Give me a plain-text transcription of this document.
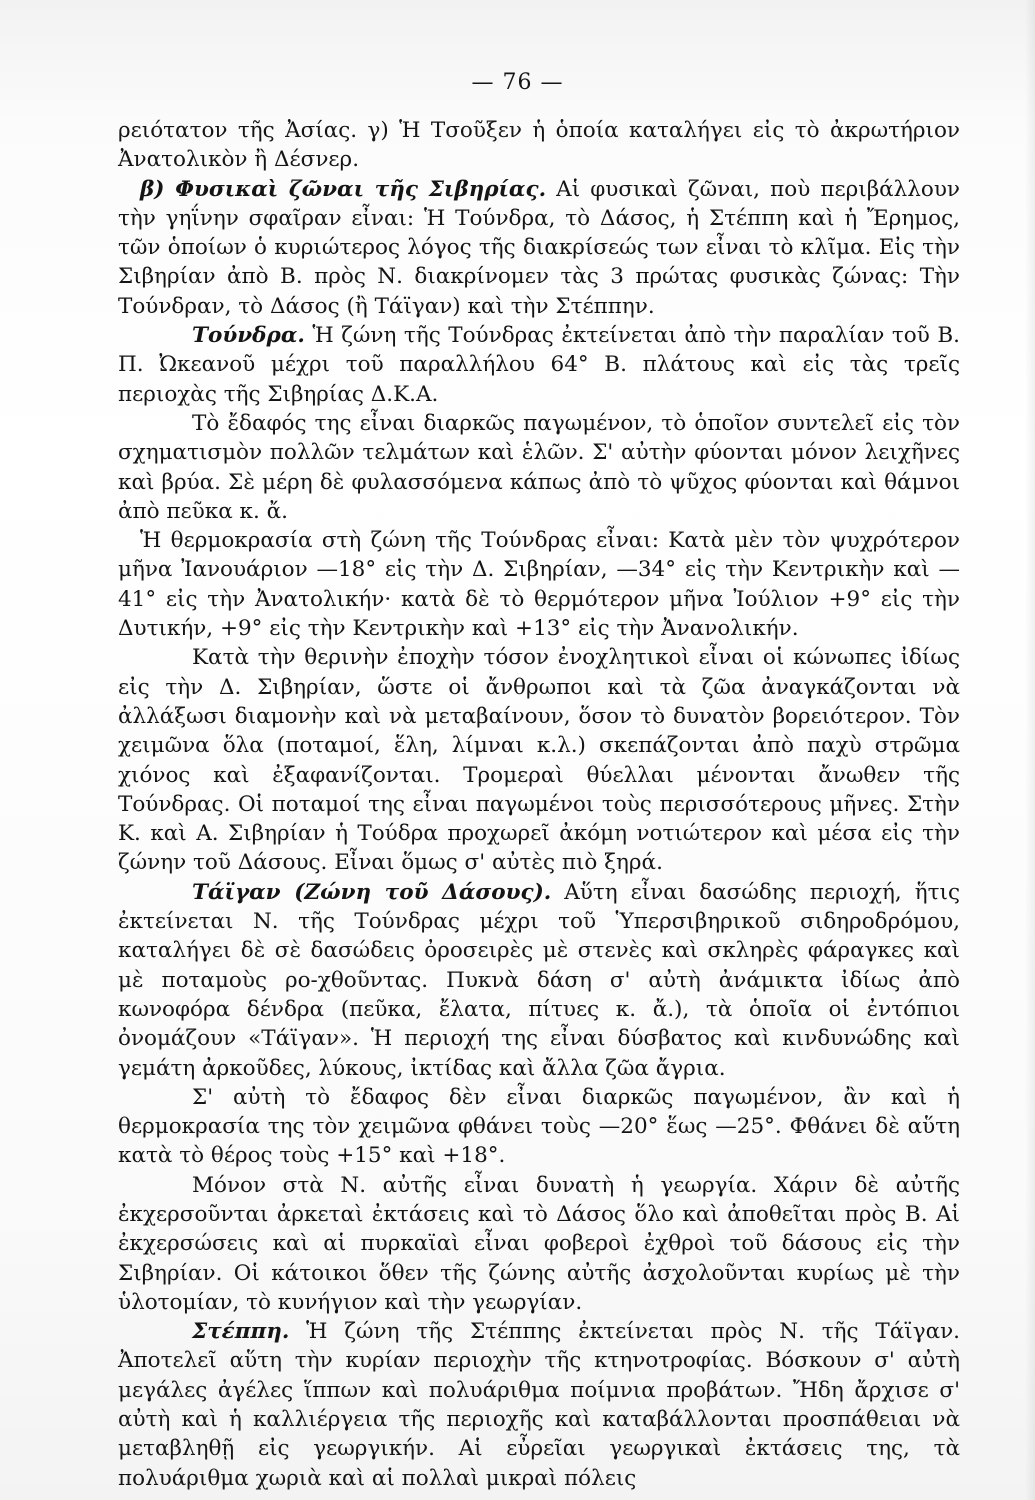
— 76 —

ρειότατον τῆς Ἀσίας. γ) Ἡ Τσοῦξεν ἡ ὁποία καταλήγει εἰς τὸ ἀκρωτήριον Ἀνατολικὸν ἢ Δέσνερ.

β) Φυσικαὶ ζῶναι τῆς Σιβηρίας. Αἱ φυσικαὶ ζῶναι, ποὺ περιβάλλουν τὴν γηΐνην σφαῖραν εἶναι: Ἡ Τούνδρα, τὸ Δάσος, ἡ Στέππη καὶ ἡ Ἔρημος, τῶν ὁποίων ὁ κυριώτερος λόγος τῆς διακρίσεώς των εἶναι τὸ κλῖμα. Εἰς τὴν Σιβηρίαν ἀπὸ Β. πρὸς Ν. διακρίνομεν τὰς 3 πρώτας φυσικὰς ζώνας: Τὴν Τούνδραν, τὸ Δάσος (ἢ Τάϊγαν) καὶ τὴν Στέππην.

Τούνδρα. Ἡ ζώνη τῆς Τούνδρας ἐκτείνεται ἀπὸ τὴν παραλίαν τοῦ Β. Π. Ὠκεανοῦ μέχρι τοῦ παραλλήλου 64° Β. πλάτους καὶ εἰς τὰς τρεῖς περιοχὰς τῆς Σιβηρίας Δ.Κ.Α.

Τὸ ἔδαφός της εἶναι διαρκῶς παγωμένον, τὸ ὁποῖον συντελεῖ εἰς τὸν σχηματισμὸν πολλῶν τελμάτων καὶ ἑλῶν. Σ' αὐτὴν φύονται μόνον λειχῆνες καὶ βρύα. Σὲ μέρη δὲ φυλασσόμενα κάπως ἀπὸ τὸ ψῦχος φύονται καὶ θάμνοι ἀπὸ πεῦκα κ. ἄ.

Ἡ θερμοκρασία στὴ ζώνη τῆς Τούνδρας εἶναι: Κατὰ μὲν τὸν ψυχρότερον μῆνα Ἰανουάριον —18° εἰς τὴν Δ. Σιβηρίαν, —34° εἰς τὴν Κεντρικὴν καὶ —41° εἰς τὴν Ἀνατολικήν· κατὰ δὲ τὸ θερμότερον μῆνα Ἰούλιον +9° εἰς τὴν Δυτικήν, +9° εἰς τὴν Κεντρικὴν καὶ +13° εἰς τὴν Ἀνανολικήν.

Κατὰ τὴν θερινὴν ἐποχὴν τόσον ἐνοχλητικοὶ εἶναι οἱ κώνωπες ἰδίως εἰς τὴν Δ. Σιβηρίαν, ὥστε οἱ ἄνθρωποι καὶ τὰ ζῶα ἀναγκάζονται νὰ ἀλλάξωσι διαμονὴν καὶ νὰ μεταβαίνουν, ὅσον τὸ δυνατὸν βορειότερον. Τὸν χειμῶνα ὅλα (ποταμοί, ἕλη, λίμναι κ.λ.) σκεπάζονται ἀπὸ παχὺ στρῶμα χιόνος καὶ ἐξαφανίζονται. Τρομεραὶ θύελλαι μένονται ἄνωθεν τῆς Τούνδρας. Οἱ ποταμοί της εἶναι παγωμένοι τοὺς περισσότερους μῆνες. Στὴν Κ. καὶ Α. Σιβηρίαν ἡ Τούδρα προχωρεῖ ἀκόμη νοτιώτερον καὶ μέσα εἰς τὴν ζώνην τοῦ Δάσους. Εἶναι ὅμως σ' αὐτὲς πιὸ ξηρά.

Τάϊγαν (Ζώνη τοῦ Δάσους). Αὕτη εἶναι δασώδης περιοχή, ἥτις ἐκτείνεται Ν. τῆς Τούνδρας μέχρι τοῦ Ὑπερσιβηρικοῦ σιδηροδρόμου, καταλήγει δὲ σὲ δασώδεις ὀροσειρὲς μὲ στενὲς καὶ σκληρὲς φάραγκες καὶ μὲ ποταμοὺς ρο-χθοῦντας. Πυκνὰ δάση σ' αὐτὴ ἀνάμικτα ἰδίως ἀπὸ κωνοφόρα δένδρα (πεῦκα, ἔλατα, πίτυες κ. ἄ.), τὰ ὁποῖα οἱ ἐντόπιοι ὀνομάζουν «Τάϊγαν». Ἡ περιοχή της εἶναι δύσβατος καὶ κινδυνώδης καὶ γεμάτη ἀρκοῦδες, λύκους, ἰκτίδας καὶ ἄλλα ζῶα ἄγρια.

Σ' αὐτὴ τὸ ἔδαφος δὲν εἶναι διαρκῶς παγωμένον, ἂν καὶ ἡ θερμοκρασία της τὸν χειμῶνα φθάνει τοὺς —20° ἕως —25°. Φθάνει δὲ αὕτη κατὰ τὸ θέρος τοὺς +15° καὶ +18°.

Μόνον στὰ Ν. αὐτῆς εἶναι δυνατὴ ἡ γεωργία. Χάριν δὲ αὐτῆς ἐκχερσοῦνται ἀρκεταὶ ἐκτάσεις καὶ τὸ Δάσος ὅλο καὶ ἀποθεῖται πρὸς Β. Αἱ ἐκχερσώσεις καὶ αἱ πυρκαϊαὶ εἶναι φοβεροὶ ἐχθροὶ τοῦ δάσους εἰς τὴν Σιβηρίαν. Οἱ κάτοικοι ὅθεν τῆς ζώνης αὐτῆς ἀσχολοῦνται κυρίως μὲ τὴν ὑλοτομίαν, τὸ κυνήγιον καὶ τὴν γεωργίαν.

Στέππη. Ἡ ζώνη τῆς Στέππης ἐκτείνεται πρὸς Ν. τῆς Τάϊγαν. Ἀποτελεῖ αὕτη τὴν κυρίαν περιοχὴν τῆς κτηνοτροφίας. Βόσκουν σ' αὐτὴ μεγάλες ἀγέλες ἵππων καὶ πολυάριθμα ποίμνια προβάτων. Ἤδη ἄρχισε σ' αὐτὴ καὶ ἡ καλλιέργεια τῆς περιοχῆς καὶ καταβάλλονται προσπάθειαι νὰ μεταβληθῇ εἰς γεωργικήν. Αἱ εὖρεῖαι γεωργικαὶ ἐκτάσεις της, τὰ πολυάριθμα χωριὰ καὶ αἱ πολλαὶ μικραὶ πόλεις
